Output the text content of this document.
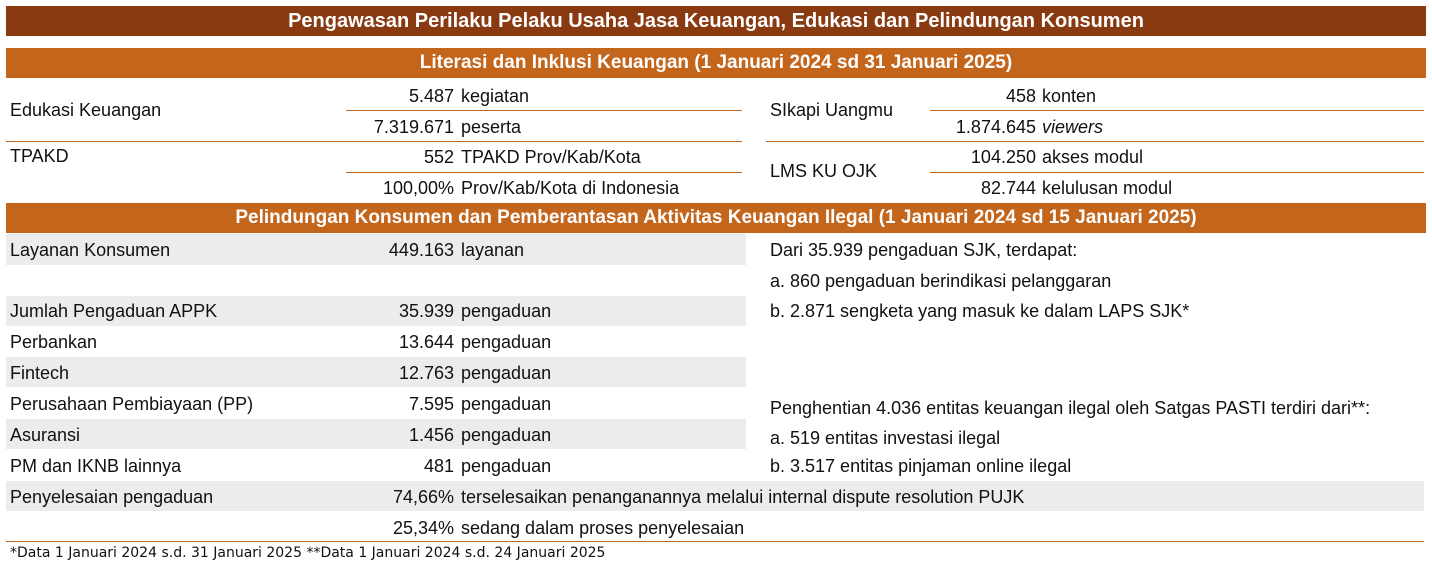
Pengawasan Perilaku Pelaku Usaha Jasa Keuangan, Edukasi dan Pelindungan Konsumen
Literasi dan Inklusi Keuangan (1 Januari 2024 sd 31 Januari 2025)
Edukasi Keuangan
5.487 kegiatan
7.319.671 peserta
TPAKD	552 TPAKD Prov/Kab/Kota
100,00% Prov/Kab/Kota di Indonesia
SIkapi Uangmu
458 konten
1.874.645 viewers
LMS KU OJK
104.250 akses modul
82.744 kelulusan modul
Pelindungan Konsumen dan Pemberantasan Aktivitas Keuangan Ilegal (1 Januari 2024 sd 15 Januari 2025)
Layanan Konsumen	449.163 layanan
Jumlah Pengaduan APPK	35.939 pengaduan
Perbankan	13.644 pengaduan
Fintech	12.763 pengaduan
Perusahaan Pembiayaan (PP)	7.595 pengaduan
Asuransi	1.456 pengaduan
PM dan IKNB lainnya	481 pengaduan
Dari 35.939 pengaduan SJK, terdapat:
a. 860 pengaduan berindikasi pelanggaran
b. 2.871 sengketa yang masuk ke dalam LAPS SJK*
Penghentian 4.036 entitas keuangan ilegal oleh Satgas PASTI terdiri dari**:
a. 519 entitas investasi ilegal
b. 3.517 entitas pinjaman online ilegal
Penyelesaian pengaduan	74,66% terselesaikan penanganannya melalui internal dispute resolution PUJK
25,34% sedang dalam proses penyelesaian
*Data 1 Januari 2024 s.d. 31 Januari 2025 **Data 1 Januari 2024 s.d. 24 Januari 2025
